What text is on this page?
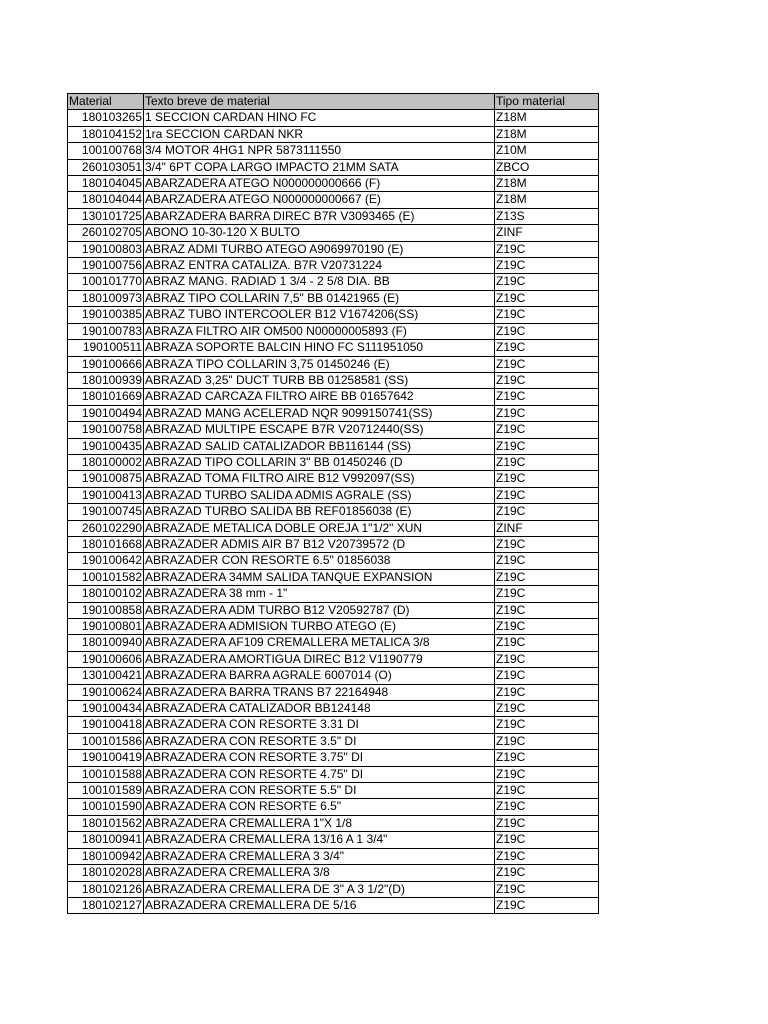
Material	Texto breve de material	Tipo material
180103265	1 SECCION CARDAN HINO FC	Z18M
180104152	1ra SECCION CARDAN NKR	Z18M
100100768	3/4 MOTOR 4HG1 NPR 5873111550	Z10M
260103051	3/4" 6PT COPA LARGO IMPACTO 21MM SATA	ZBCO
180104045	ABARZADERA ATEGO N000000000666 (F)	Z18M
180104044	ABARZADERA ATEGO N000000000667 (E)	Z18M
130101725	ABARZADERA BARRA DIREC B7R V3093465 (E)	Z13S
260102705	ABONO 10-30-120 X BULTO	ZINF
190100803	ABRAZ ADMI TURBO ATEGO A9069970190 (E)	Z19C
190100756	ABRAZ ENTRA CATALIZA. B7R V20731224	Z19C
100101770	ABRAZ MANG. RADIAD 1 3/4 - 2 5/8 DIA. BB	Z19C
180100973	ABRAZ TIPO COLLARIN 7,5" BB 01421965 (E)	Z19C
190100385	ABRAZ TUBO INTERCOOLER B12 V1674206(SS)	Z19C
190100783	ABRAZA FILTRO AIR OM500 N00000005893 (F)	Z19C
190100511	ABRAZA SOPORTE BALCIN HINO FC S111951050	Z19C
190100666	ABRAZA TIPO COLLARIN 3,75 01450246 (E)	Z19C
180100939	ABRAZAD 3,25" DUCT TURB BB 01258581 (SS)	Z19C
180101669	ABRAZAD CARCAZA FILTRO AIRE BB 01657642	Z19C
190100494	ABRAZAD MANG ACELERAD NQR 9099150741(SS)	Z19C
190100758	ABRAZAD MULTIPE ESCAPE B7R V20712440(SS)	Z19C
190100435	ABRAZAD SALID CATALIZADOR BB116144 (SS)	Z19C
180100002	ABRAZAD TIPO COLLARIN 3" BB 01450246 (D	Z19C
190100875	ABRAZAD TOMA FILTRO AIRE B12 V992097(SS)	Z19C
190100413	ABRAZAD TURBO SALIDA ADMIS AGRALE (SS)	Z19C
190100745	ABRAZAD TURBO SALIDA BB REF01856038 (E)	Z19C
260102290	ABRAZADE METALICA DOBLE OREJA 1"1/2" XUN	ZINF
180101668	ABRAZADER ADMIS AIR B7 B12 V20739572 (D	Z19C
190100642	ABRAZADER CON RESORTE 6.5" 01856038	Z19C
100101582	ABRAZADERA 34MM SALIDA TANQUE EXPANSION	Z19C
180100102	ABRAZADERA 38 mm - 1"	Z19C
190100858	ABRAZADERA ADM TURBO B12 V20592787 (D)	Z19C
190100801	ABRAZADERA ADMISION TURBO ATEGO (E)	Z19C
180100940	ABRAZADERA AF109 CREMALLERA METALICA 3/8	Z19C
190100606	ABRAZADERA AMORTIGUA DIREC B12 V1190779	Z19C
130100421	ABRAZADERA BARRA AGRALE 6007014 (O)	Z19C
190100624	ABRAZADERA BARRA TRANS B7 22164948	Z19C
190100434	ABRAZADERA CATALIZADOR BB124148	Z19C
190100418	ABRAZADERA CON RESORTE 3.31 DI	Z19C
100101586	ABRAZADERA CON RESORTE 3.5" DI	Z19C
190100419	ABRAZADERA CON RESORTE 3.75" DI	Z19C
100101588	ABRAZADERA CON RESORTE 4.75" DI	Z19C
100101589	ABRAZADERA CON RESORTE 5.5" DI	Z19C
100101590	ABRAZADERA CON RESORTE 6.5"	Z19C
180101562	ABRAZADERA CREMALLERA 1"X 1/8	Z19C
180100941	ABRAZADERA CREMALLERA 13/16 A 1 3/4"	Z19C
180100942	ABRAZADERA CREMALLERA 3 3/4"	Z19C
180102028	ABRAZADERA CREMALLERA 3/8	Z19C
180102126	ABRAZADERA CREMALLERA DE 3" A 3 1/2"(D)	Z19C
180102127	ABRAZADERA CREMALLERA DE 5/16	Z19C
